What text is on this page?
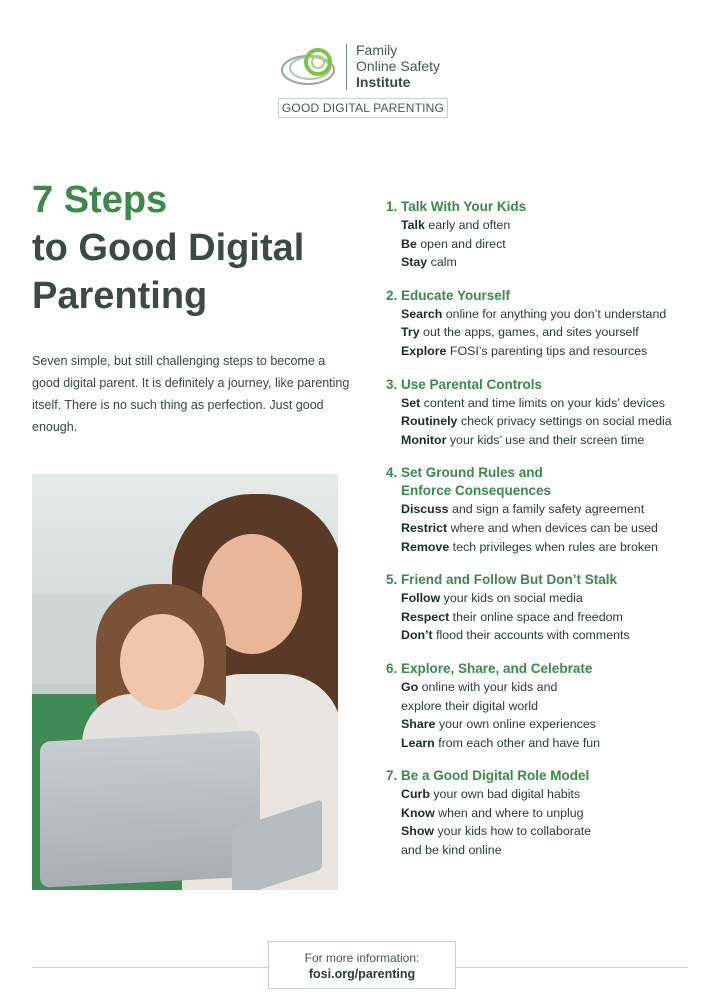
Family
Online Safety
Institute
GOOD DIGITAL PARENTING
7 Steps
to Good Digital
Parenting
Seven simple, but still challenging steps to become a good digital parent. It is definitely a journey, like parenting itself. There is no such thing as perfection. Just good enough.
1. Talk With Your Kids
Talk early and often
Be open and direct
Stay calm
2. Educate Yourself
Search online for anything you don’t understand
Try out the apps, games, and sites yourself
Explore FOSI’s parenting tips and resources
3. Use Parental Controls
Set content and time limits on your kids’ devices
Routinely check privacy settings on social media
Monitor your kids’ use and their screen time
4. Set Ground Rules and
Enforce Consequences
Discuss and sign a family safety agreement
Restrict where and when devices can be used
Remove tech privileges when rules are broken
5. Friend and Follow But Don’t Stalk
Follow your kids on social media
Respect their online space and freedom
Don’t flood their accounts with comments
6. Explore, Share, and Celebrate
Go online with your kids and
explore their digital world
Share your own online experiences
Learn from each other and have fun
7. Be a Good Digital Role Model
Curb your own bad digital habits
Know when and where to unplug
Show your kids how to collaborate
and be kind online
For more information:
fosi.org/parenting
